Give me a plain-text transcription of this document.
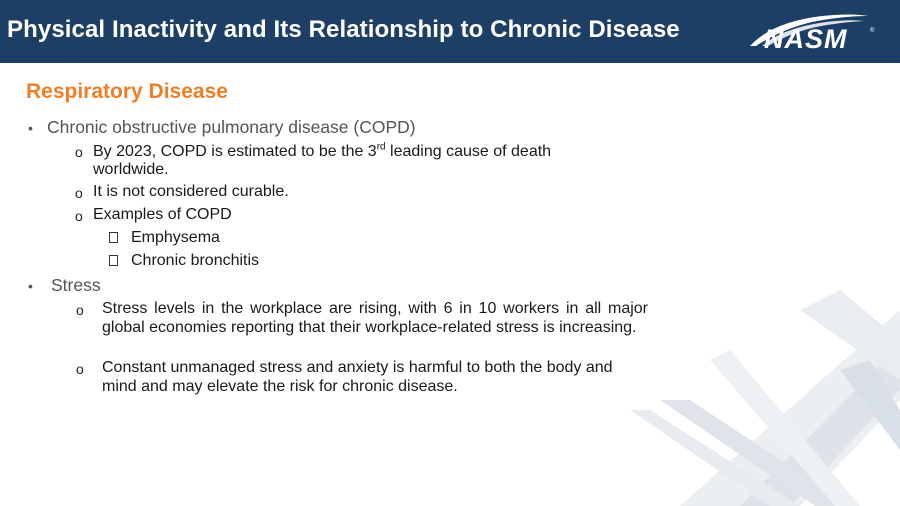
Physical Inactivity and Its Relationship to Chronic Disease	NASM	®
Respiratory Disease
• Chronic obstructive pulmonary disease (COPD)
o By 2023, COPD is estimated to be the 3rd leading cause of death
worldwide.
o It is not considered curable.
o Examples of COPD
Emphysema
Chronic bronchitis
• Stress
o Stress levels in the workplace are rising, with 6 in 10 workers in all major global economies reporting that their workplace-related stress is increasing.
o Constant unmanaged stress and anxiety is harmful to both the body and mind and may elevate the risk for chronic disease.
